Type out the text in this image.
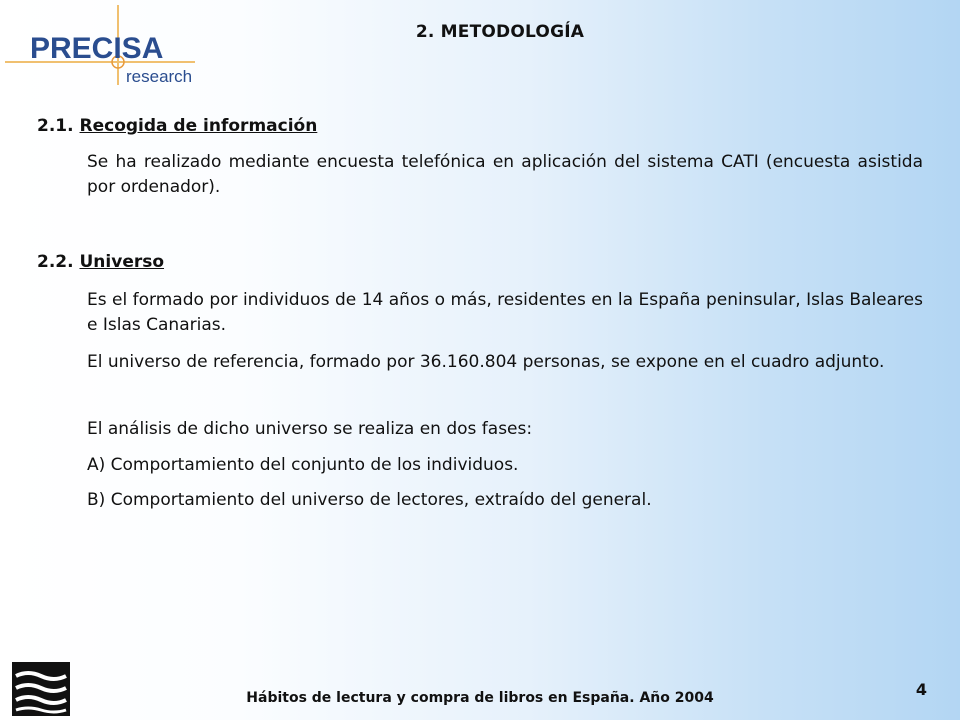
PRECISA
research
2. METODOLOGÍA
2.1. Recogida de información
Se ha realizado mediante encuesta telefónica en aplicación del sistema CATI (encuesta asistida por ordenador).
2.2. Universo
Es el formado por individuos de 14 años o más, residentes en la España peninsular, Islas Baleares e Islas Canarias.
El universo de referencia, formado por 36.160.804 personas, se expone en el cuadro adjunto.
El análisis de dicho universo se realiza en dos fases:
A) Comportamiento del conjunto de los individuos.
B) Comportamiento del universo de lectores, extraído del general.
Hábitos de lectura y compra de libros en España. Año 2004	4
